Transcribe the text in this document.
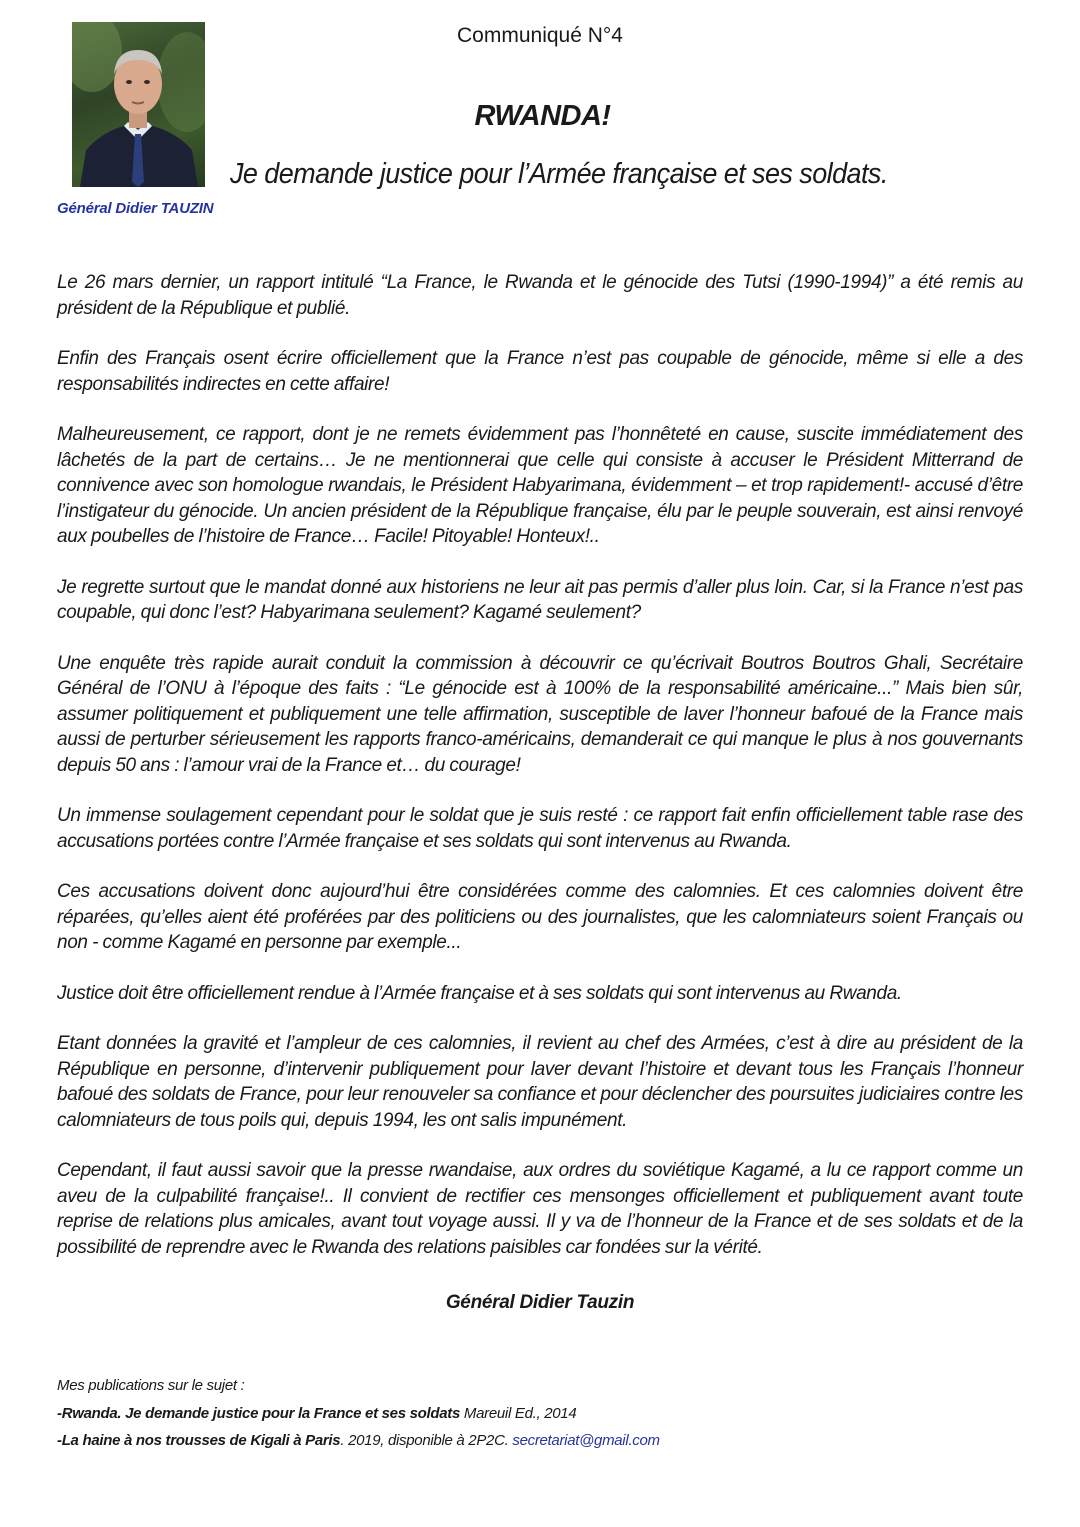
Général Didier TAUZIN
Communiqué N°4
RWANDA!
Je demande justice pour l’Armée française et ses soldats.

Le 26 mars dernier, un rapport intitulé “La France, le Rwanda et le génocide des Tutsi (1990-1994)” a été remis au président de la République et publié.

Enfin des Français osent écrire officiellement que la France n’est pas coupable de génocide, même si elle a des responsabilités indirectes en cette affaire!

Malheureusement, ce rapport, dont je ne remets évidemment pas l’honnêteté en cause, suscite immédiatement des lâchetés de la part de certains… Je ne mentionnerai que celle qui consiste à accuser le Président Mitterrand de connivence avec son homologue rwandais, le Président Habyarimana, évidemment – et trop rapidement!- accusé d’être l’instigateur du génocide. Un ancien président de la République française, élu par le peuple souverain, est ainsi renvoyé aux poubelles de l’histoire de France… Facile! Pitoyable! Honteux!..

Je regrette surtout que le mandat donné aux historiens ne leur ait pas permis d’aller plus loin. Car, si la France n’est pas coupable, qui donc l’est? Habyarimana seulement? Kagamé seulement?

Une enquête très rapide aurait conduit la commission à découvrir ce qu’écrivait Boutros Boutros Ghali, Secrétaire Général de l’ONU à l’époque des faits : “Le génocide est à 100% de la responsabilité américaine...” Mais bien sûr, assumer politiquement et publiquement une telle affirmation, susceptible de laver l’honneur bafoué de la France mais aussi de perturber sérieusement les rapports franco-américains, demanderait ce qui manque le plus à nos gouvernants depuis 50 ans : l’amour vrai de la France et… du courage!

Un immense soulagement cependant pour le soldat que je suis resté : ce rapport fait enfin officiellement table rase des accusations portées contre l’Armée française et ses soldats qui sont intervenus au Rwanda.

Ces accusations doivent donc aujourd’hui être considérées comme des calomnies. Et ces calomnies doivent être réparées, qu’elles aient été proférées par des politiciens ou des journalistes, que les calomniateurs soient Français ou non - comme Kagamé en personne par exemple...

Justice doit être officiellement rendue à l’Armée française et à ses soldats qui sont intervenus au Rwanda.

Etant données la gravité et l’ampleur de ces calomnies, il revient au chef des Armées, c’est à dire au président de la République en personne, d’intervenir publiquement pour laver devant l’histoire et devant tous les Français l’honneur bafoué des soldats de France, pour leur renouveler sa confiance et pour déclencher des poursuites judiciaires contre les calomniateurs de tous poils qui, depuis 1994, les ont salis impunément.

Cependant, il faut aussi savoir que la presse rwandaise, aux ordres du soviétique Kagamé, a lu ce rapport comme un aveu de la culpabilité française!.. Il convient de rectifier ces mensonges officiellement et publiquement avant toute reprise de relations plus amicales, avant tout voyage aussi. Il y va de l’honneur de la France et de ses soldats et de la possibilité de reprendre avec le Rwanda des relations paisibles car fondées sur la vérité.

Général Didier Tauzin
Mes publications sur le sujet :
-Rwanda. Je demande justice pour la France et ses soldats Mareuil Ed., 2014
-La haine à nos trousses de Kigali à Paris. 2019, disponible à 2P2C. secretariat@gmail.com
